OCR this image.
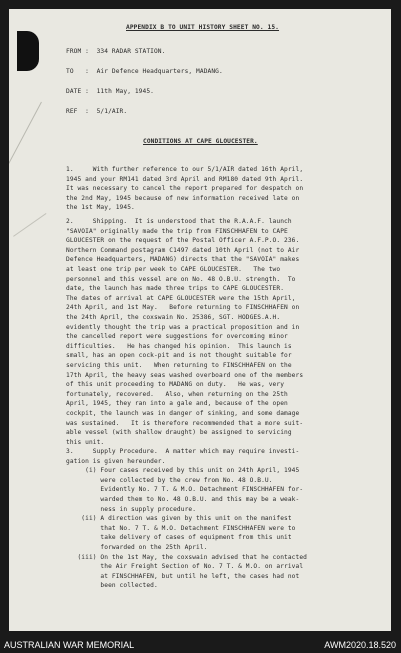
APPENDIX B TO UNIT HISTORY SHEET NO. 15.
FROM :  334 RADAR STATION.
TO   :  Air Defence Headquarters, MADANG.
DATE :  11th May, 1945.
REF  :  5/1/AIR.
CONDITIONS AT CAPE GLOUCESTER.
1.     With further reference to our 5/1/AIR dated 16th April,
1945 and your RM141 dated 3rd April and RM180 dated 9th April.
It was necessary to cancel the report prepared for despatch on
the 2nd May, 1945 because of new information received late on
the 1st May, 1945.
2.     Shipping.  It is understood that the R.A.A.F. launch
"SAVOIA" originally made the trip from FINSCHHAFEN to CAPE
GLOUCESTER on the request of the Postal Officer A.F.P.O. 236.
Northern Command postagram C1497 dated 10th April (not to Air
Defence Headquarters, MADANG) directs that the "SAVOIA" makes
at least one trip per week to CAPE GLOUCESTER.   The two
personnel and this vessel are on No. 48 O.B.U. strength.  To
date, the launch has made three trips to CAPE GLOUCESTER.
The dates of arrival at CAPE GLOUCESTER were the 15th April,
24th April, and 1st May.   Before returning to FINSCHHAFEN on
the 24th April, the coxswain No. 25386, SGT. HODGES.A.H.
evidently thought the trip was a practical proposition and in
the cancelled report were suggestions for overcoming minor
difficulties.   He has changed his opinion.  This launch is
small, has an open cock-pit and is not thought suitable for
servicing this unit.   When returning to FINSCHHAFEN on the
17th April, the heavy seas washed overboard one of the members
of this unit proceeding to MADANG on duty.   He was, very
fortunately, recovered.   Also, when returning on the 25th
April, 1945, they ran into a gale and, because of the open
cockpit, the launch was in danger of sinking, and some damage
was sustained.   It is therefore recommended that a more suit-
able vessel (with shallow draught) be assigned to servicing
this unit.
3.     Supply Procedure.  A matter which may require investi-
gation is given hereunder.
(i) Four cases received by this unit on 24th April, 1945
were collected by the crew from No. 48 O.B.U.
Evidently No. 7 T. & M.O. Detachment FINSCHHAFEN for-
warded them to No. 48 O.B.U. and this may be a weak-
ness in supply procedure.
(ii) A direction was given by this unit on the manifest
that No. 7 T. & M.O. Detachment FINSCHHAFEN were to
take delivery of cases of equipment from this unit
forwarded on the 25th April.
(iii) On the 1st May, the coxswain advised that he contacted
the Air Freight Section of No. 7 T. & M.O. on arrival
at FINSCHHAFEN, but until he left, the cases had not
been collected.
AUSTRALIAN WAR MEMORIAL	AWM2020.18.520
